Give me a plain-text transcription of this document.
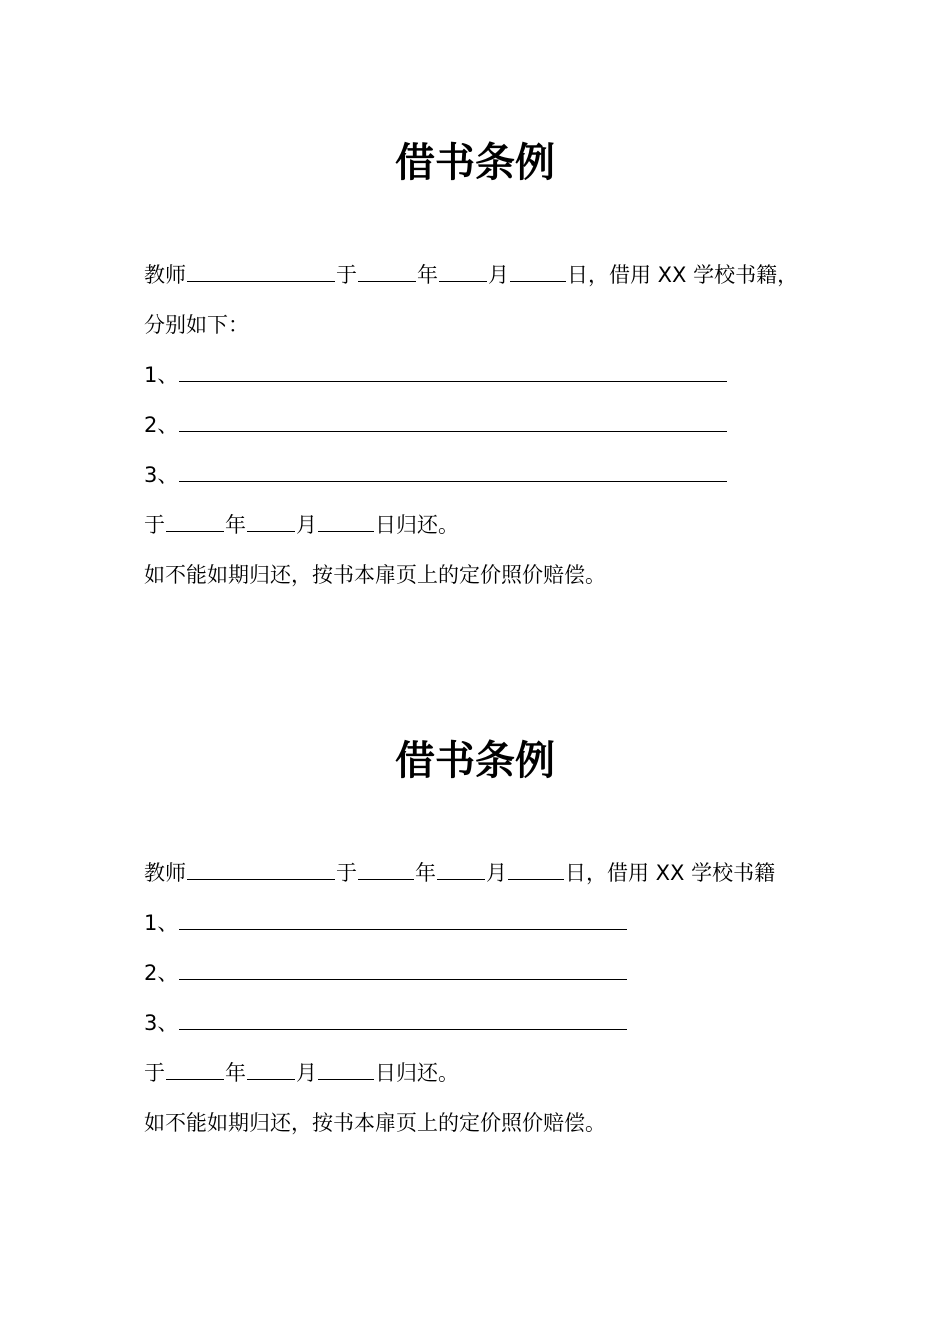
借书条例
教师	于	年 月	日，借用 XX 学校书籍，
分别如下：
1、
2、
3、
于	年 月	日归还。
如不能如期归还，按书本扉页上的定价照价赔偿。
借书条例
教师	于	年 月	日，借用 XX 学校书籍
1、
2、
3、
于	年 月	日归还。
如不能如期归还，按书本扉页上的定价照价赔偿。
